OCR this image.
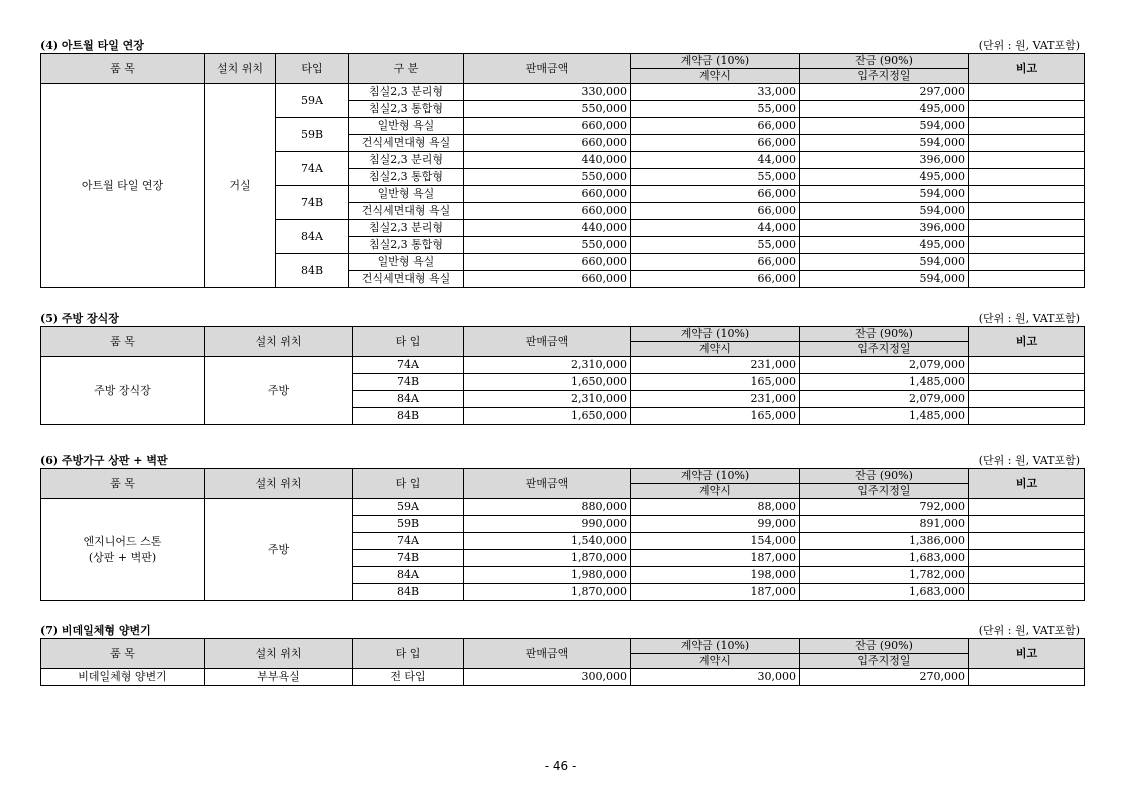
(4) 아트월 타일 연장	(단위 : 원, VAT포함)
품 목	설치 위치	타입	구 분	판매금액	계약금 (10%)	잔금 (90%)	비고
					계약시	입주지정일	
아트월 타일 연장	거실	59A	침실2,3 분리형	330,000	33,000	297,000	
			침실2,3 통합형	550,000	55,000	495,000	
		59B	일반형 욕실	660,000	66,000	594,000	
			건식세면대형 욕실	660,000	66,000	594,000	
		74A	침실2,3 분리형	440,000	44,000	396,000	
			침실2,3 통합형	550,000	55,000	495,000	
		74B	일반형 욕실	660,000	66,000	594,000	
			건식세면대형 욕실	660,000	66,000	594,000	
		84A	침실2,3 분리형	440,000	44,000	396,000	
			침실2,3 통합형	550,000	55,000	495,000	
		84B	일반형 욕실	660,000	66,000	594,000	
			건식세면대형 욕실	660,000	66,000	594,000	
(5) 주방 장식장	(단위 : 원, VAT포함)
품 목	설치 위치	타 입	판매금액	계약금 (10%)	잔금 (90%)	비고
				계약시	입주지정일	
주방 장식장	주방	74A	2,310,000	231,000	2,079,000	
		74B	1,650,000	165,000	1,485,000	
		84A	2,310,000	231,000	2,079,000	
		84B	1,650,000	165,000	1,485,000	
(6) 주방가구 상판 + 벽판	(단위 : 원, VAT포함)
품 목	설치 위치	타 입	판매금액	계약금 (10%)	잔금 (90%)	비고
				계약시	입주지정일	

엔지니어드 스톤
(상판 + 벽판)	주방	59A	880,000	88,000	792,000	
		59B	990,000	99,000	891,000	
		74A	1,540,000	154,000	1,386,000	
		74B	1,870,000	187,000	1,683,000	
		84A	1,980,000	198,000	1,782,000	
		84B	1,870,000	187,000	1,683,000	
(7) 비데일체형 양변기	(단위 : 원, VAT포함)
품 목	설치 위치	타 입	판매금액	계약금 (10%)	잔금 (90%)	비고
				계약시	입주지정일	
비데일체형 양변기	부부욕실	전 타입	300,000	30,000	270,000	
- 46 -
